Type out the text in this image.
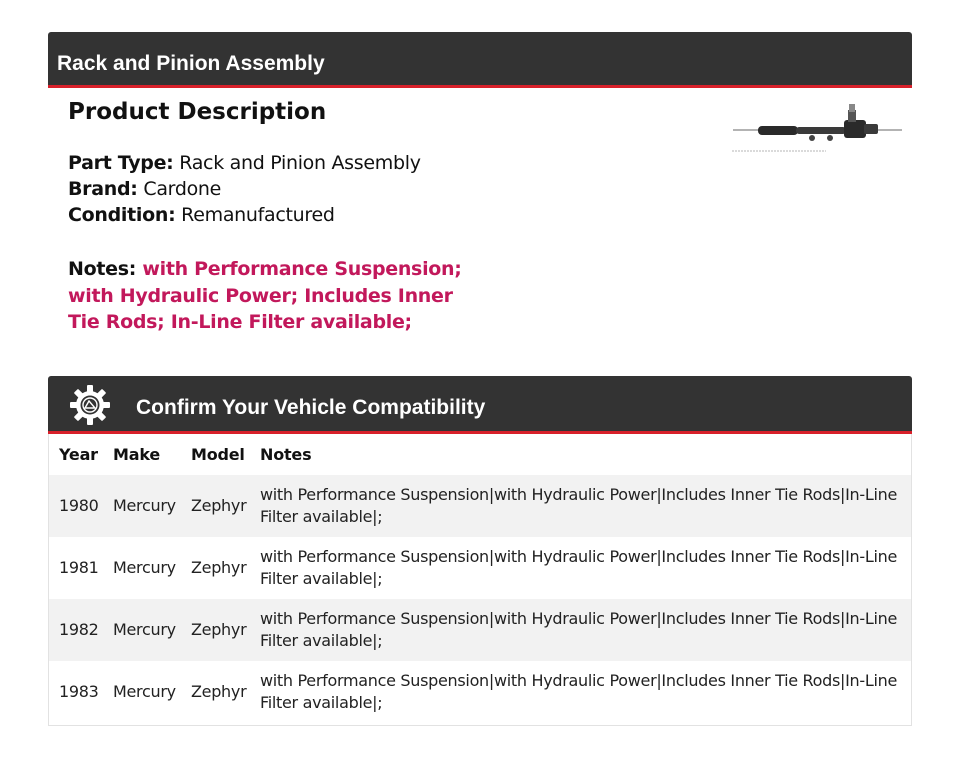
Rack and Pinion Assembly
Product Description
Part Type: Rack and Pinion Assembly
Brand: Cardone
Condition: Remanufactured
Notes: with Performance Suspension; with Hydraulic Power; Includes Inner Tie Rods; In-Line Filter available;
Confirm Your Vehicle Compatibility
Year	Make	Model	Notes
1980	Mercury	Zephyr	with Performance Suspension|with Hydraulic Power|Includes Inner Tie Rods|In-Line Filter available|;
1981	Mercury	Zephyr	with Performance Suspension|with Hydraulic Power|Includes Inner Tie Rods|In-Line Filter available|;
1982	Mercury	Zephyr	with Performance Suspension|with Hydraulic Power|Includes Inner Tie Rods|In-Line Filter available|;
1983	Mercury	Zephyr	with Performance Suspension|with Hydraulic Power|Includes Inner Tie Rods|In-Line Filter available|;
